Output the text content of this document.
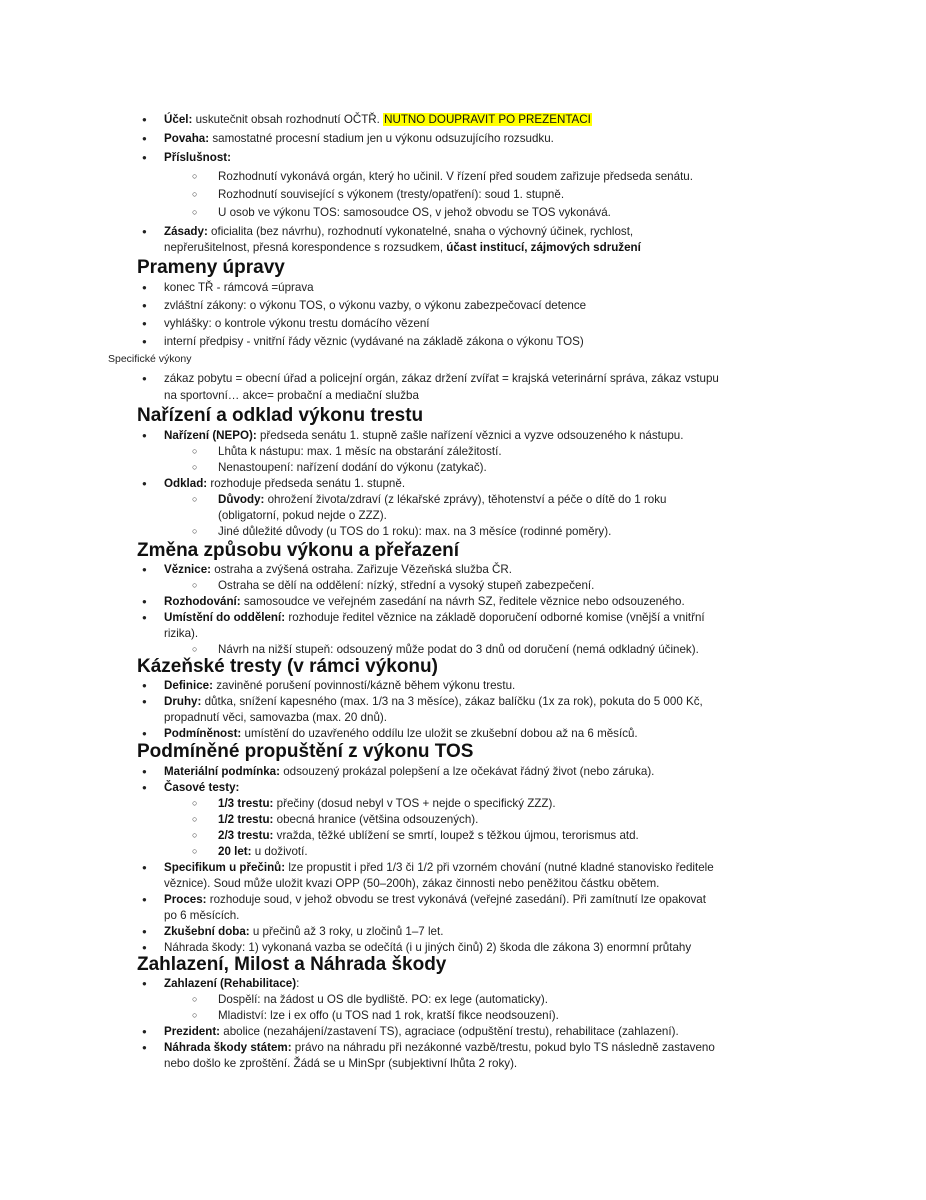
● Účel: uskutečnit obsah rozhodnutí OČTŘ. NUTNO DOUPRAVIT PO PREZENTACI
● Povaha: samostatné procesní stadium jen u výkonu odsuzujícího rozsudku.
● Příslušnost:
○ Rozhodnutí vykonává orgán, který ho učinil. V řízení před soudem zařizuje předseda senátu.
○ Rozhodnutí související s výkonem (tresty/opatření): soud 1. stupně.
○ U osob ve výkonu TOS: samosoudce OS, v jehož obvodu se TOS vykonává.
● Zásady: oficialita (bez návrhu), rozhodnutí vykonatelné, snaha o výchovný účinek, rychlost,
nepřerušitelnost, přesná korespondence s rozsudkem, účast institucí, zájmových sdružení
Prameny úpravy
● konec TŘ - rámcová =úprava
● zvláštní zákony: o výkonu TOS, o výkonu vazby, o výkonu zabezpečovací detence
● vyhlášky: o kontrole výkonu trestu domácího vězení
● interní předpisy - vnitřní řády věznic (vydávané na základě zákona o výkonu TOS)
Specifické výkony
● zákaz pobytu = obecní úřad a policejní orgán, zákaz držení zvířat = krajská veterinární správa, zákaz vstupu
na sportovní… akce= probační a mediační služba
Nařízení a odklad výkonu trestu
● Nařízení (NEPO): předseda senátu 1. stupně zašle nařízení věznici a vyzve odsouzeného k nástupu.
○ Lhůta k nástupu: max. 1 měsíc na obstarání záležitostí.
○ Nenastoupení: nařízení dodání do výkonu (zatykač).
● Odklad: rozhoduje předseda senátu 1. stupně.
○ Důvody: ohrožení života/zdraví (z lékařské zprávy), těhotenství a péče o dítě do 1 roku
(obligatorní, pokud nejde o ZZZ).
○ Jiné důležité důvody (u TOS do 1 roku): max. na 3 měsíce (rodinné poměry).
Změna způsobu výkonu a přeřazení
● Věznice: ostraha a zvýšená ostraha. Zařizuje Vězeňská služba ČR.
○ Ostraha se dělí na oddělení: nízký, střední a vysoký stupeň zabezpečení.
● Rozhodování: samosoudce ve veřejném zasedání na návrh SZ, ředitele věznice nebo odsouzeného.
● Umístění do oddělení: rozhoduje ředitel věznice na základě doporučení odborné komise (vnější a vnitřní
rizika).
○ Návrh na nižší stupeň: odsouzený může podat do 3 dnů od doručení (nemá odkladný účinek).
Kázeňské tresty (v rámci výkonu)
● Definice: zaviněné porušení povinností/kázně během výkonu trestu.
● Druhy: důtka, snížení kapesného (max. 1/3 na 3 měsíce), zákaz balíčku (1x za rok), pokuta do 5 000 Kč,
propadnutí věci, samovazba (max. 20 dnů).
● Podmíněnost: umístění do uzavřeného oddílu lze uložit se zkušební dobou až na 6 měsíců.
Podmíněné propuštění z výkonu TOS
● Materiální podmínka: odsouzený prokázal polepšení a lze očekávat řádný život (nebo záruka).
● Časové testy:
○ 1/3 trestu: přečiny (dosud nebyl v TOS + nejde o specifický ZZZ).
○ 1/2 trestu: obecná hranice (většina odsouzených).
○ 2/3 trestu: vražda, těžké ublížení se smrtí, loupež s těžkou újmou, terorismus atd.
○ 20 let: u doživotí.
● Specifikum u přečinů: lze propustit i před 1/3 či 1/2 při vzorném chování (nutné kladné stanovisko ředitele
věznice). Soud může uložit kvazi OPP (50–200h), zákaz činnosti nebo peněžitou částku obětem.
● Proces: rozhoduje soud, v jehož obvodu se trest vykonává (veřejné zasedání). Při zamítnutí lze opakovat
po 6 měsících.
● Zkušební doba: u přečinů až 3 roky, u zločinů 1–7 let.
● Náhrada škody: 1) vykonaná vazba se odečítá (i u jiných činů) 2) škoda dle zákona 3) enormní průtahy
Zahlazení, Milost a Náhrada škody
● Zahlazení (Rehabilitace):
○ Dospělí: na žádost u OS dle bydliště. PO: ex lege (automaticky).
○ Mladiství: lze i ex offo (u TOS nad 1 rok, kratší fikce neodsouzení).
● Prezident: abolice (nezahájení/zastavení TS), agraciace (odpuštění trestu), rehabilitace (zahlazení).
● Náhrada škody státem: právo na náhradu při nezákonné vazbě/trestu, pokud bylo TS následně zastaveno
nebo došlo ke zproštění. Žádá se u MinSpr (subjektivní lhůta 2 roky).
